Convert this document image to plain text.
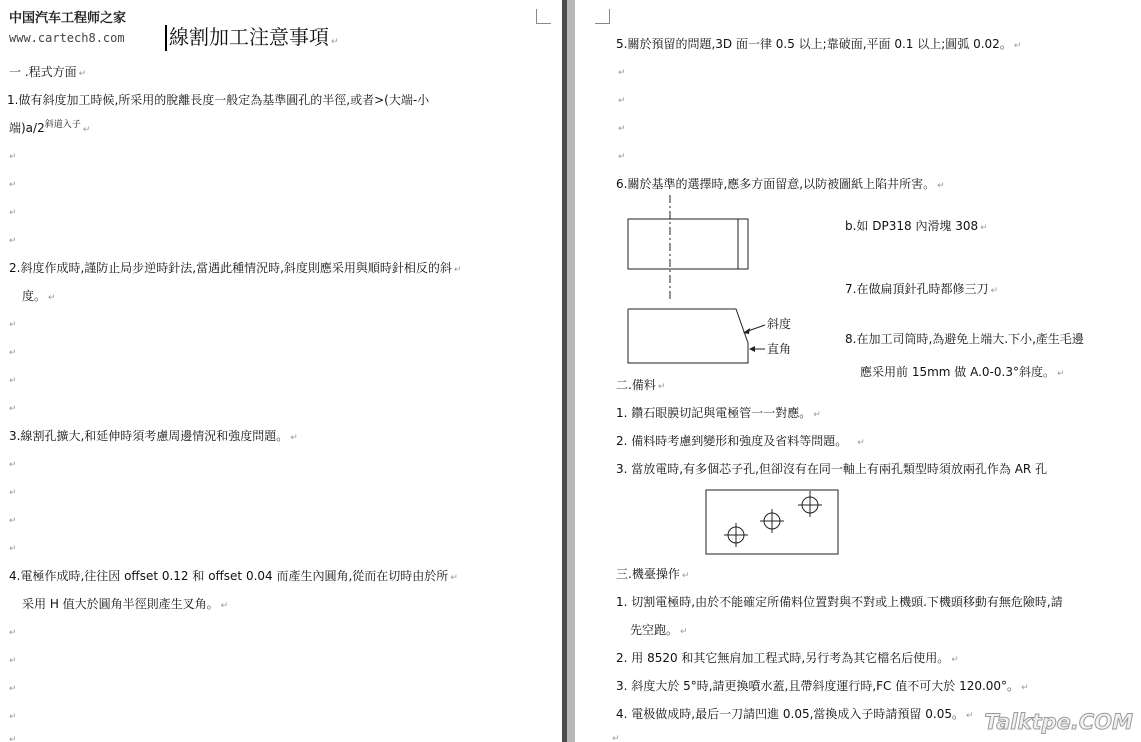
中国汽车工程师之家
www.cartech8.com 線割加工注意事項 ↵
一 .程式方面 ↵
1.做有斜度加工時候,所采用的脫離長度一般定為基準圓孔的半徑,或者>(大端-小
端)$a/2^{斜道入子}$ ↵
↵
↵
↵
↵
2.斜度作成時,謹防止局步逆時針法,當遇此種情況時,斜度則應采用與順時針相反的斜 ↵
度。 ↵
↵
↵
↵
↵
3.線割孔擴大,和延伸時須考慮周邊情況和強度問題。 ↵
↵
↵
↵
↵
4.電極作成時,往往因 offset 0.12 和 offset 0.04 而產生內圓角,從而在切時由於所 ↵
采用 H 值大於圓角半徑則產生叉角。 ↵
↵
↵
↵
↵
↵
5.關於預留的問題,3D 面一律 0.5 以上;靠破面,平面 0.1 以上;圓弧 0.02。 ↵
↵
↵
↵
↵
6.關於基準的選擇時,應多方面留意,以防被圖紙上陷井所害。 ↵
b.如 DP318 內滑塊 308 ↵
7.在做扁頂針孔時都修三刀 ↵
斜度
直角
8.在加工司筒時,為避免上端大.下小,產生毛邊
應采用前 15mm 做 A.0-0.3°斜度。 ↵
二.備料 ↵
1. 鑽石眼膜切記與電極管一一對應。 ↵
2. 備料時考慮到變形和強度及省料等問題。 ↵
3. 當放電時,有多個芯子孔,但卻沒有在同一軸上有兩孔類型時須放兩孔作為 AR 孔
三.機臺操作 ↵
1. 切割電極時,由於不能確定所備料位置對與不對或上機頭.下機頭移動有無危險時,請
先空跑。 ↵
2. 用 8520 和其它無肩加工程式時,另行考為其它檔名后使用。 ↵
3. 斜度大於 5°時,請更換噴水蓋,且帶斜度運行時,FC 值不可大於 120.00°。 ↵
4. 電极做成時,最后一刀請凹進 0.05,當換成入子時請預留 0.05。 ↵
↵
Talktpe.COM
